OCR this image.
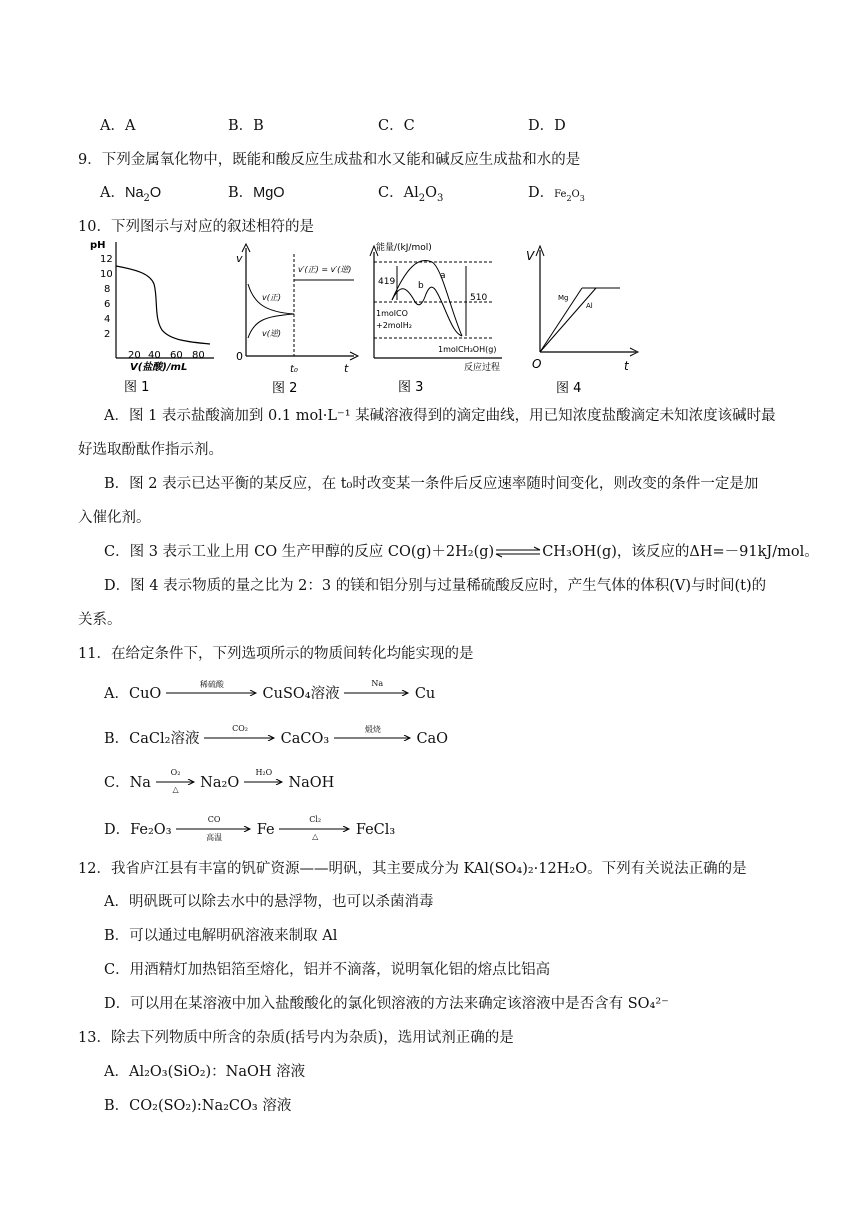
A．A	B．B	C．C	D．D
9．下列金属氧化物中，既能和酸反应生成盐和水又能和碱反应生成盐和水的是
A．$Na_2O$	B．MgO	C．$Al_2O_3$	D．$Fe_2O_3$
10．下列图示与对应的叙述相符的是
pH
12
10
8
6
4
2
20 40 60 80
V(盐酸)/mL
图 1
v
0
t
t₀
v(正)
v(逆)
v′(正) = v′(逆)
图 2
能量/(kJ/mol)
419
510
a
b
1molCO
+2molH₂
1molCH₃OH(g)
反应过程
图 3
V
O	t
Mg
Al
图 4
A．图 1 表示盐酸滴加到 0.1 mol·L⁻¹ 某碱溶液得到的滴定曲线，用已知浓度盐酸滴定未知浓度该碱时最
好选取酚酞作指示剂。
B．图 2 表示已达平衡的某反应，在 t₀时改变某一条件后反应速率随时间变化，则改变的条件一定是加
入催化剂。
C．图 3 表示工业上用 CO 生产甲醇的反应 CO(g)＋2H₂(g)⇌CH₃OH(g)，该反应的ΔH=－91kJ/mol。
D．图 4 表示物质的量之比为 2：3 的镁和铝分别与过量稀硫酸反应时，产生气体的体积(V)与时间(t)的
关系。
11．在给定条件下，下列选项所示的物质间转化均能实现的是
A．CuO
稀硫酸
CuSO₄溶液
Na
Cu
B．CaCl₂溶液
CO₂
CaCO₃
煅烧
CaO
C．Na
O₂
△	Na₂O
H₂O
NaOH
D．Fe₂O₃
CO
高温	Fe
Cl₂
△	FeCl₃
12．我省庐江县有丰富的钒矿资源——明矾，其主要成分为 KAl(SO₄)₂·12H₂O。下列有关说法正确的是
A．明矾既可以除去水中的悬浮物，也可以杀菌消毒
B．可以通过电解明矾溶液来制取 Al
C．用酒精灯加热铝箔至熔化，铝并不滴落，说明氧化铝的熔点比铝高
D．可以用在某溶液中加入盐酸酸化的氯化钡溶液的方法来确定该溶液中是否含有 SO₄²⁻
13．除去下列物质中所含的杂质(括号内为杂质)，选用试剂正确的是
A．Al₂O₃(SiO₂)：NaOH 溶液
B．CO₂(SO₂):Na₂CO₃ 溶液
